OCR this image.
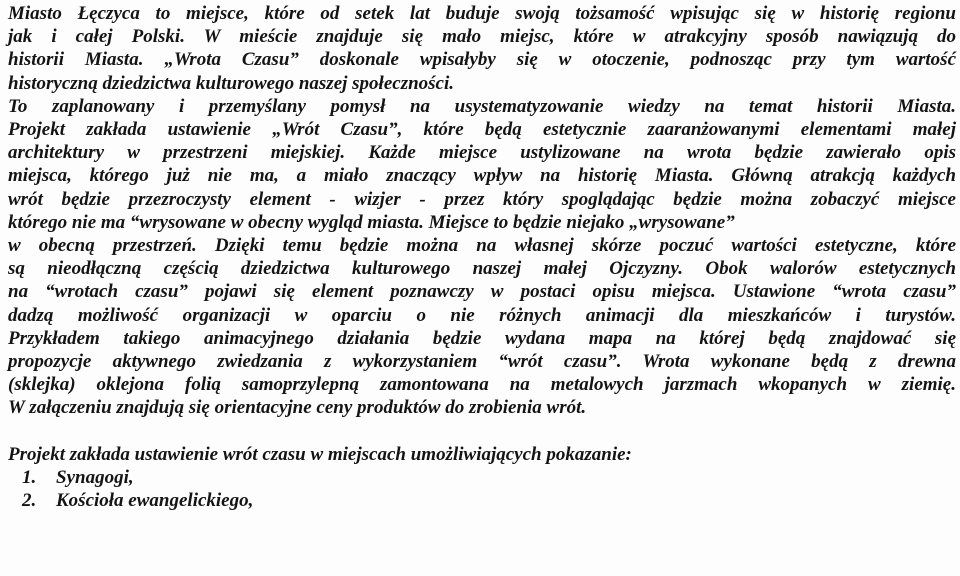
Miasto Łęczyca to miejsce, które od setek lat buduje swoją tożsamość wpisując się w historię regionu
jak i całej Polski. W mieście znajduje się mało miejsc, które w atrakcyjny sposób nawiązują do
historii Miasta. „Wrota Czasu” doskonale wpisałyby się w otoczenie, podnosząc przy tym wartość
historyczną dziedzictwa kulturowego naszej społeczności.
To zaplanowany i przemyślany pomysł na usystematyzowanie wiedzy na temat historii Miasta.
Projekt zakłada ustawienie „Wrót Czasu”, które będą estetycznie zaaranżowanymi elementami małej
architektury w przestrzeni miejskiej. Każde miejsce ustylizowane na wrota będzie zawierało opis
miejsca, którego już nie ma, a miało znaczący wpływ na historię Miasta. Główną atrakcją każdych
wrót będzie przezroczysty element - wizjer - przez który spoglądając będzie można zobaczyć miejsce
którego nie ma “wrysowane w obecny wygląd miasta. Miejsce to będzie niejako „wrysowane”
w obecną przestrzeń. Dzięki temu będzie można na własnej skórze poczuć wartości estetyczne, które
są nieodłączną częścią dziedzictwa kulturowego naszej małej Ojczyzny. Obok walorów estetycznych
na “wrotach czasu” pojawi się element poznawczy w postaci opisu miejsca. Ustawione “wrota czasu”
dadzą możliwość organizacji w oparciu o nie różnych animacji dla mieszkańców i turystów.
Przykładem takiego animacyjnego działania będzie wydana mapa na której będą znajdować się
propozycje aktywnego zwiedzania z wykorzystaniem “wrót czasu”. Wrota wykonane będą z drewna
(sklejka) oklejona folią samoprzylepną zamontowana na metalowych jarzmach wkopanych w ziemię.
W załączeniu znajdują się orientacyjne ceny produktów do zrobienia wrót.
Projekt zakłada ustawienie wrót czasu w miejscach umożliwiających pokazanie:
1. Synagogi,
2. Kościoła ewangelickiego,
